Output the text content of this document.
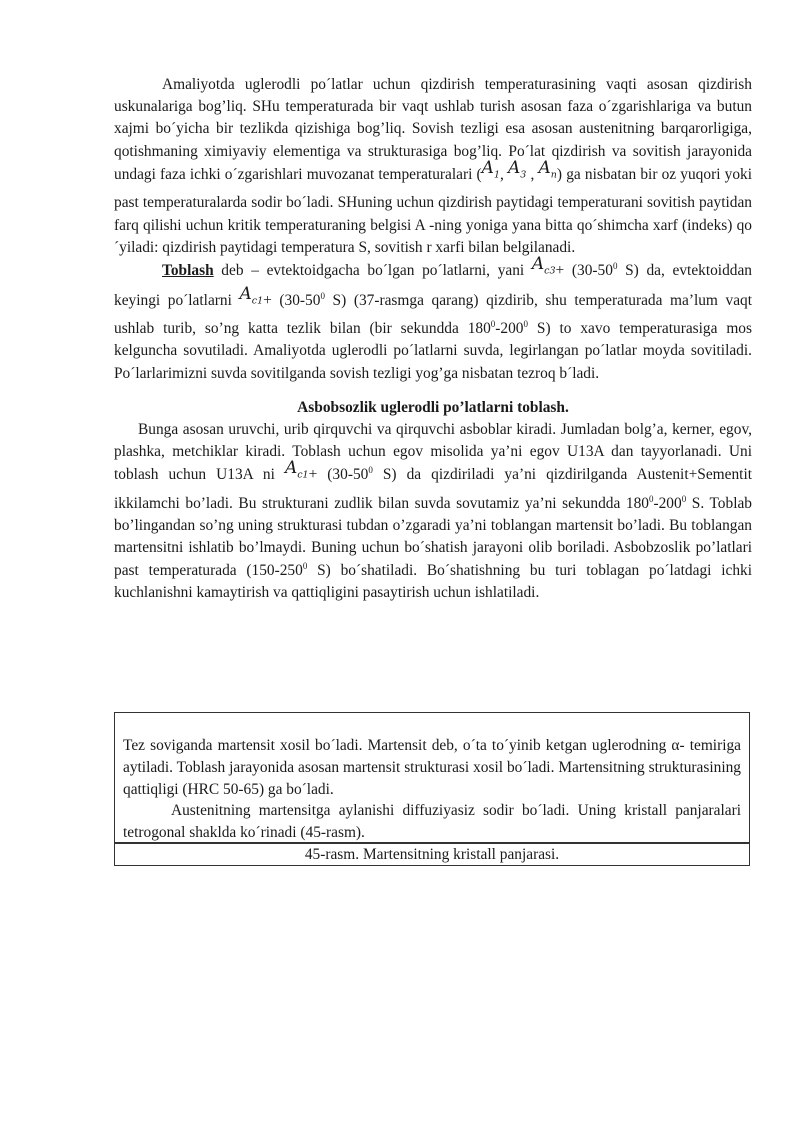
Amaliyotda uglerodli po´latlar uchun qizdirish temperaturasining vaqti asosan qizdirish uskunalariga bog’liq. SHu temperaturada bir vaqt ushlab turish asosan faza o´zgarishlariga va butun xajmi bo´yicha bir tezlikda qizishiga bog’liq. Sovish tezligi esa asosan austenitning barqarorligiga, qotishmaning ximiyaviy elementiga va strukturasiga bog’liq. Po´lat qizdirish va sovitish jarayonida undagi faza ichki o´zgarishlari muvozanat temperaturalari ($A_1$, $A_3$ , $A_n$) ga nisbatan bir oz yuqori yoki past temperaturalarda sodir bo´ladi. SHuning uchun qizdirish paytidagi temperaturani sovitish paytidan farq qilishi uchun kritik temperaturaning belgisi A -ning yoniga yana bitta qo´shimcha xarf (indeks) qo´yiladi: qizdirish paytidagi temperatura S, sovitish r xarfi bilan belgilanadi.

Toblash deb – evtektoidgacha bo´lgan po´latlarni, yani $A_{c3}+ (30-50^0$ S) da, evtektoiddan keyingi po´latlarni $A_{c1}+ (30-50^0$ S) (37-rasmga qarang) qizdirib, shu temperaturada ma’lum vaqt ushlab turib, so’ng katta tezlik bilan (bir sekundda $180^0-200^0$ S) to xavo temperaturasiga mos kelguncha sovutiladi. Amaliyotda uglerodli po´latlarni suvda, legirlangan po´latlar moyda sovitiladi. Po´larlarimizni suvda sovitilganda sovish tezligi yog’ga nisbatan tezroq b´ladi.

Asbobsozlik uglerodli po’latlarni toblash.

Bunga asosan uruvchi, urib qirquvchi va qirquvchi asboblar kiradi. Jumladan bolg’a, kerner, egov, plashka, metchiklar kiradi. Toblash uchun egov misolida ya’ni egov U13A dan tayyorlanadi. Uni toblash uchun U13A ni $A_{c1}+ (30-50^0$ S) da qizdiriladi ya’ni qizdirilganda Austenit+Sementit ikkilamchi bo’ladi. Bu strukturani zudlik bilan suvda sovutamiz ya’ni sekundda $180^0-200^0$ S. Toblab bo’lingandan so’ng uning strukturasi tubdan o’zgaradi ya’ni toblangan martensit bo’ladi. Bu toblangan martensitni ishlatib bo’lmaydi. Buning uchun bo´shatish jarayoni olib boriladi. Asbobzoslik po’latlari past temperaturada ($150-250^0$ S) bo´shatiladi. Bo´shatishning bu turi toblagan po´latdagi ichki kuchlanishni kamaytirish va qattiqligini pasaytirish uchun ishlatiladi.

Tez soviganda martensit xosil bo´ladi. Martensit deb, o´ta to´yinib ketgan uglerodning α- temiriga aytiladi. Toblash jarayonida asosan martensit strukturasi xosil bo´ladi. Martensitning strukturasining qattiqligi (HRC 50-65) ga bo´ladi.

Austenitning martensitga aylanishi diffuziyasiz sodir bo´ladi. Uning kristall panjaralari tetrogonal shaklda ko´rinadi (45-rasm).

45-rasm. Martensitning kristall panjarasi.
